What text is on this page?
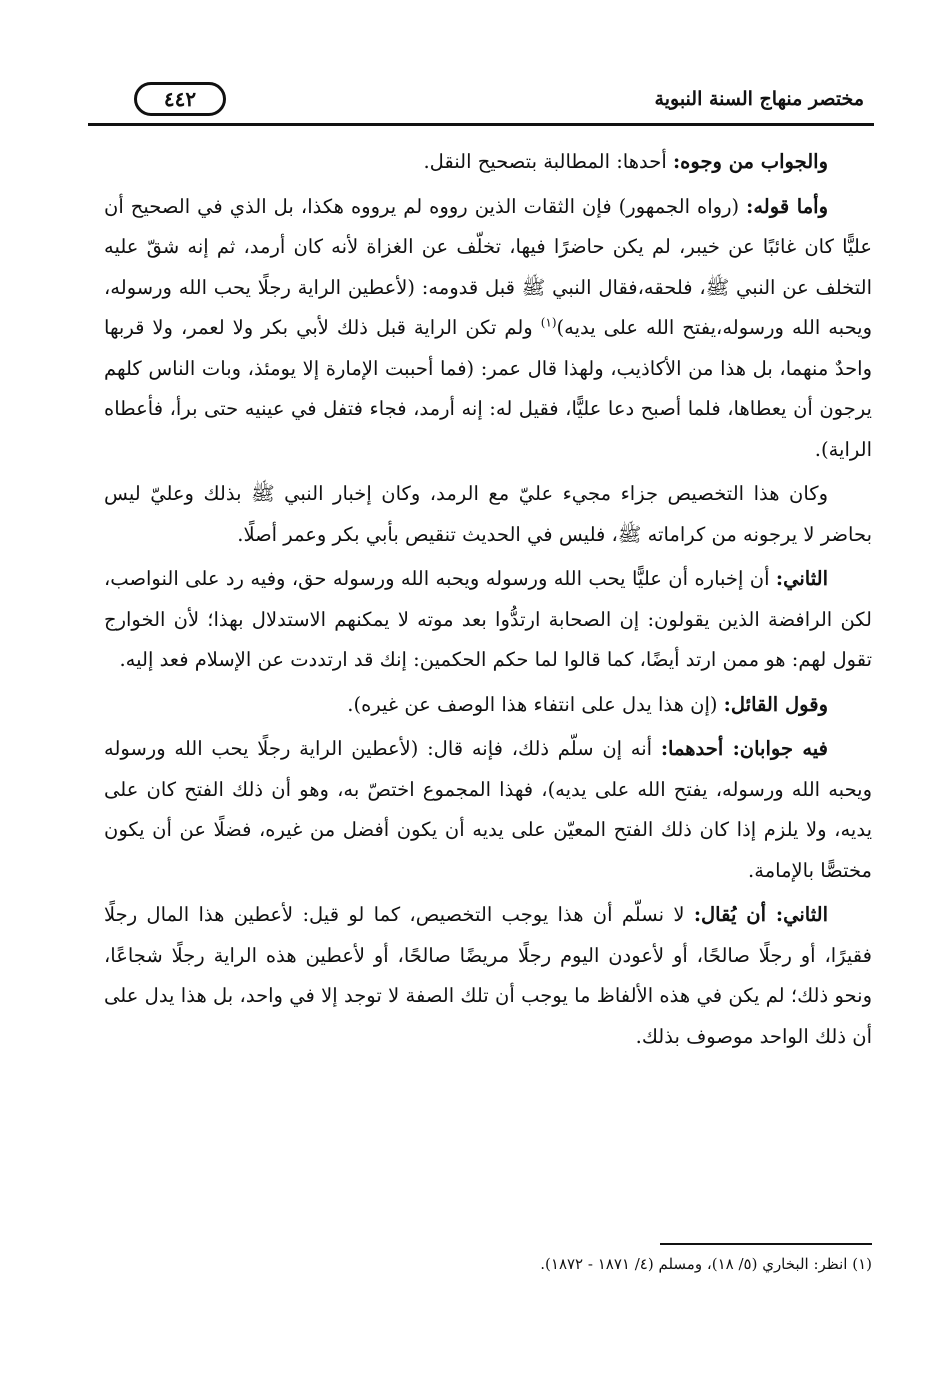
٤٤٢	مختصر منهاج السنة النبوية

والجواب من وجوه: أحدها: المطالبة بتصحيح النقل.

وأما قوله: (رواه الجمهور) فإن الثقات الذين رووه لم يرووه هكذا، بل الذي في الصحيح أن عليًّا كان غائبًا عن خيبر، لم يكن حاضرًا فيها، تخلّف عن الغزاة لأنه كان أرمد، ثم إنه شقّ عليه التخلف عن النبي ﷺ، فلحقه،فقال النبي ﷺ قبل قدومه: (لأعطين الراية رجلًا يحب الله ورسوله، ويحبه الله ورسوله،يفتح الله على يديه)$^{(١)}$ ولم تكن الراية قبل ذلك لأبي بكر ولا لعمر، ولا قربها واحدٌ منهما، بل هذا من الأكاذيب، ولهذا قال عمر: (فما أحببت الإمارة إلا يومئذ، وبات الناس كلهم يرجون أن يعطاها، فلما أصبح دعا عليًّا، فقيل له: إنه أرمد، فجاء فتفل في عينيه حتى برأ، فأعطاه الراية).

وكان هذا التخصيص جزاء مجيء عليّ مع الرمد، وكان إخبار النبي ﷺ بذلك وعليّ ليس بحاضر لا يرجونه من كراماته ﷺ، فليس في الحديث تنقيص بأبي بكر وعمر أصلًا.

الثاني: أن إخباره أن عليًّا يحب الله ورسوله ويحبه الله ورسوله حق، وفيه رد على النواصب، لكن الرافضة الذين يقولون: إن الصحابة ارتدُّوا بعد موته لا يمكنهم الاستدلال بهذا؛ لأن الخوارج تقول لهم: هو ممن ارتد أيضًا، كما قالوا لما حكم الحكمين: إنك قد ارتددت عن الإسلام فعد إليه.

وقول القائل: (إن هذا يدل على انتفاء هذا الوصف عن غيره).

فيه جوابان: أحدهما: أنه إن سلّم ذلك، فإنه قال: (لأعطين الراية رجلًا يحب الله ورسوله ويحبه الله ورسوله، يفتح الله على يديه)، فهذا المجموع اختصّ به، وهو أن ذلك الفتح كان على يديه، ولا يلزم إذا كان ذلك الفتح المعيّن على يديه أن يكون أفضل من غيره، فضلًا عن أن يكون مختصًّا بالإمامة.

الثاني: أن يُقال: لا نسلّم أن هذا يوجب التخصيص، كما لو قيل: لأعطين هذا المال رجلًا فقيرًا، أو رجلًا صالحًا، أو لأعودن اليوم رجلًا مريضًا صالحًا، أو لأعطين هذه الراية رجلًا شجاعًا، ونحو ذلك؛ لم يكن في هذه الألفاظ ما يوجب أن تلك الصفة لا توجد إلا في واحد، بل هذا يدل على أن ذلك الواحد موصوف بذلك.

(١) انظر: البخاري (٥/ ١٨)، ومسلم (٤/ ١٨٧١ - ١٨٧٢).
